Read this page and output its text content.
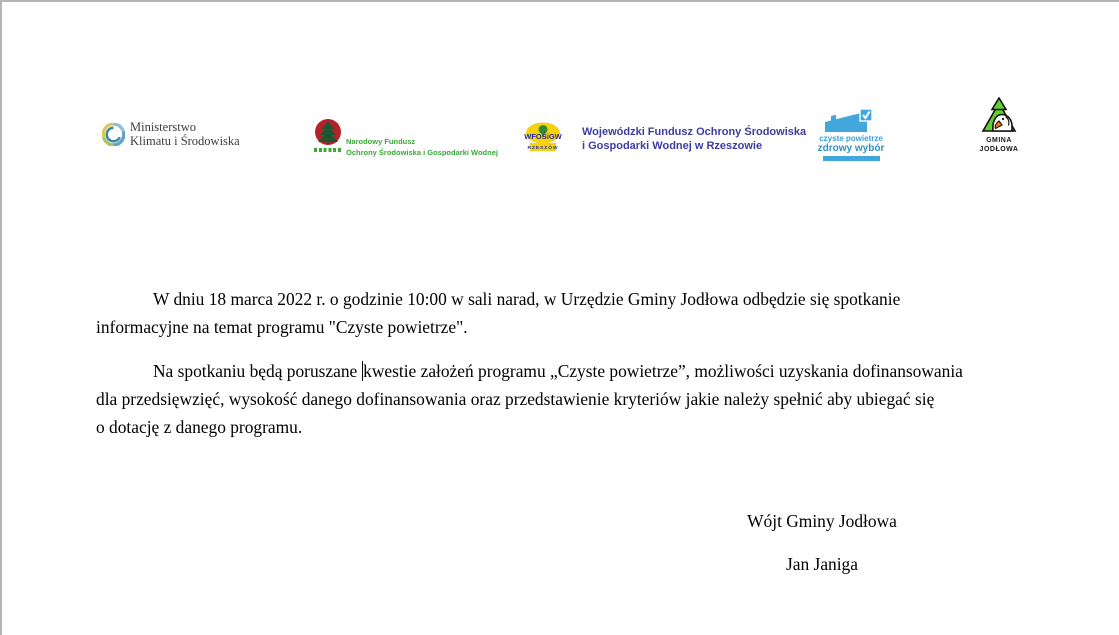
Ministerstwo
Klimatu i Środowiska	Narodowy Fundusz
Ochrony Środowiska i Gospodarki Wodnej
WFOŚiGW
RZESZÓW
Wojewódzki Fundusz Ochrony Środowiska
i Gospodarki Wodnej w Rzeszowie
czyste powietrze
zdrowy wybór
GMINA
JODŁOWA
W dniu 18 marca 2022 r. o godzinie 10:00 w sali narad, w Urzędzie Gminy Jodłowa odbędzie się spotkanie
informacyjne na temat programu "Czyste powietrze".
Na spotkaniu będą poruszane kwestie założeń programu „Czyste powietrze”, możliwości uzyskania dofinansowania
dla przedsięwzięć, wysokość danego dofinansowania oraz przedstawienie kryteriów jakie należy spełnić aby ubiegać się
o dotację z danego programu.
Wójt Gminy Jodłowa
Jan Janiga
